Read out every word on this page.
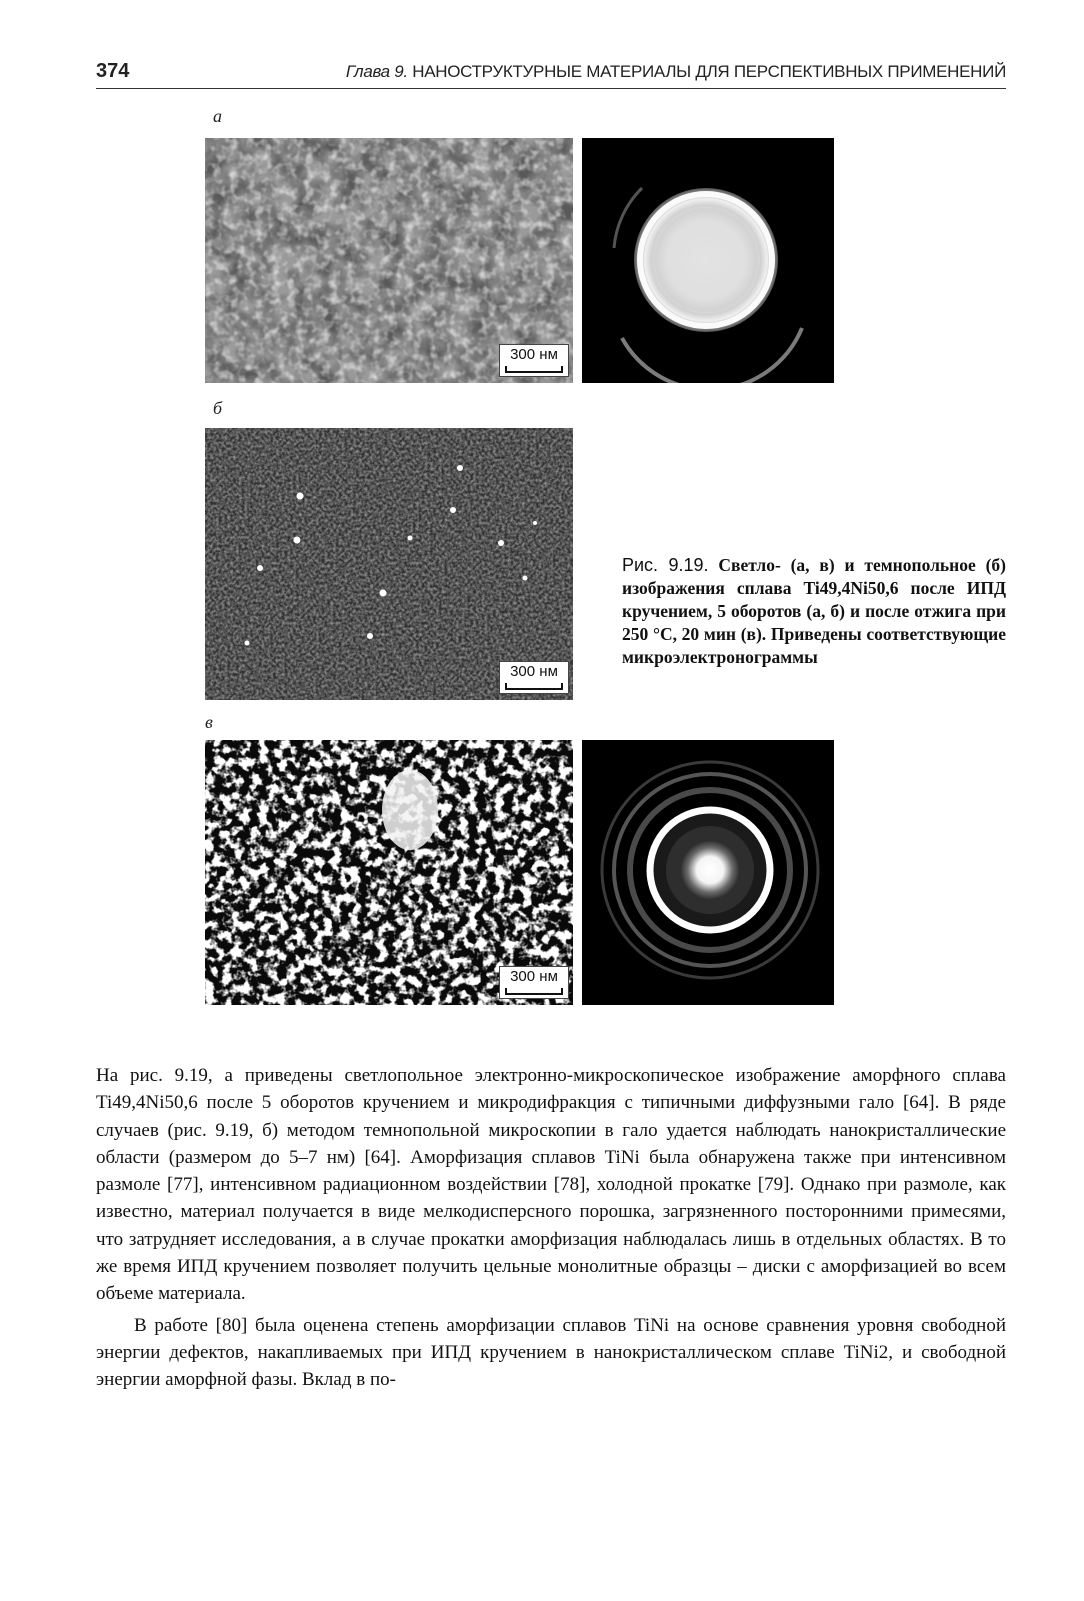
374	Глава 9. НАНОСТРУКТУРНЫЕ МАТЕРИАЛЫ ДЛЯ ПЕРСПЕКТИВНЫХ ПРИМЕНЕНИЙ
а
300 нм
б
300 нм
Рис. 9.19. Светло- (а, в) и темнопольное (б) изображения сплава Ti49,4Ni50,6 после ИПД кручением, 5 оборотов (а, б) и после отжига при 250 °С, 20 мин (в). Приведены соответствующие микроэлектронограммы
в
300 нм

На рис. 9.19, а приведены светлопольное электронно-микроскопическое изображение аморфного сплава Ti49,4Ni50,6 после 5 оборотов кручением и микродифракция с типичными диффузными гало [64]. В ряде случаев (рис. 9.19, б) методом темнопольной микроскопии в гало удается наблюдать нанокристаллические области (размером до 5–7 нм) [64]. Аморфизация сплавов TiNi была обнаружена также при интенсивном размоле [77], интенсивном радиационном воздействии [78], холодной прокатке [79]. Однако при размоле, как известно, материал получается в виде мелкодисперсного порошка, загрязненного посторонними примесями, что затрудняет исследования, а в случае прокатки аморфизация наблюдалась лишь в отдельных областях. В то же время ИПД кручением позволяет получить цельные монолитные образцы – диски с аморфизацией во всем объеме материала.

В работе [80] была оценена степень аморфизации сплавов TiNi на основе сравнения уровня свободной энергии дефектов, накапливаемых при ИПД кручением в нанокристаллическом сплаве TiNi2, и свободной энергии аморфной фазы. Вклад в по-
